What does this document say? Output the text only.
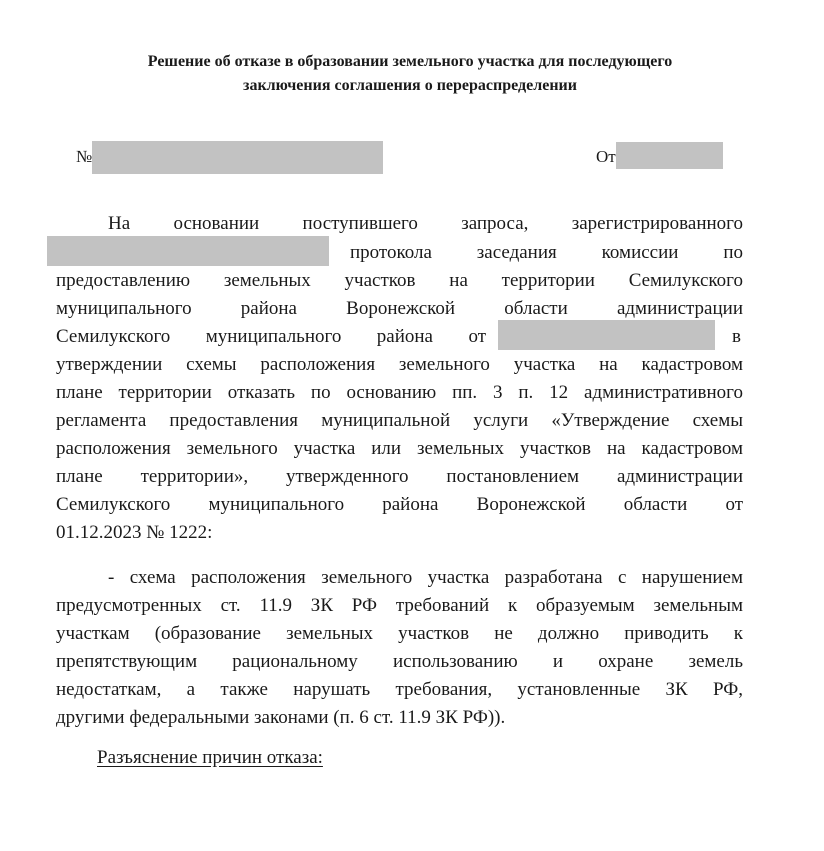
Решение об отказе в образовании земельного участка для последующего
заключения соглашения о перераспределении
№	От
На основании поступившего запроса, зарегистрированного
протокола заседания комиссии по
предоставлению земельных участков на территории Семилукского
муниципального района Воронежской области администрации
Семилукского муниципального района от	в
утверждении схемы расположения земельного участка на кадастровом
плане территории отказать по основанию пп. 3 п. 12 административного
регламента предоставления муниципальной услуги «Утверждение схемы
расположения земельного участка или земельных участков на кадастровом
плане территории», утвержденного постановлением администрации
Семилукского муниципального района Воронежской области от
01.12.2023 № 1222:
- схема расположения земельного участка разработана с нарушением
предусмотренных ст. 11.9 ЗК РФ требований к образуемым земельным
участкам (образование земельных участков не должно приводить к
препятствующим рациональному использованию и охране земель
недостаткам, а также нарушать требования, установленные ЗК РФ,
другими федеральными законами (п. 6 ст. 11.9 ЗК РФ)).
Разъяснение причин отказа:
